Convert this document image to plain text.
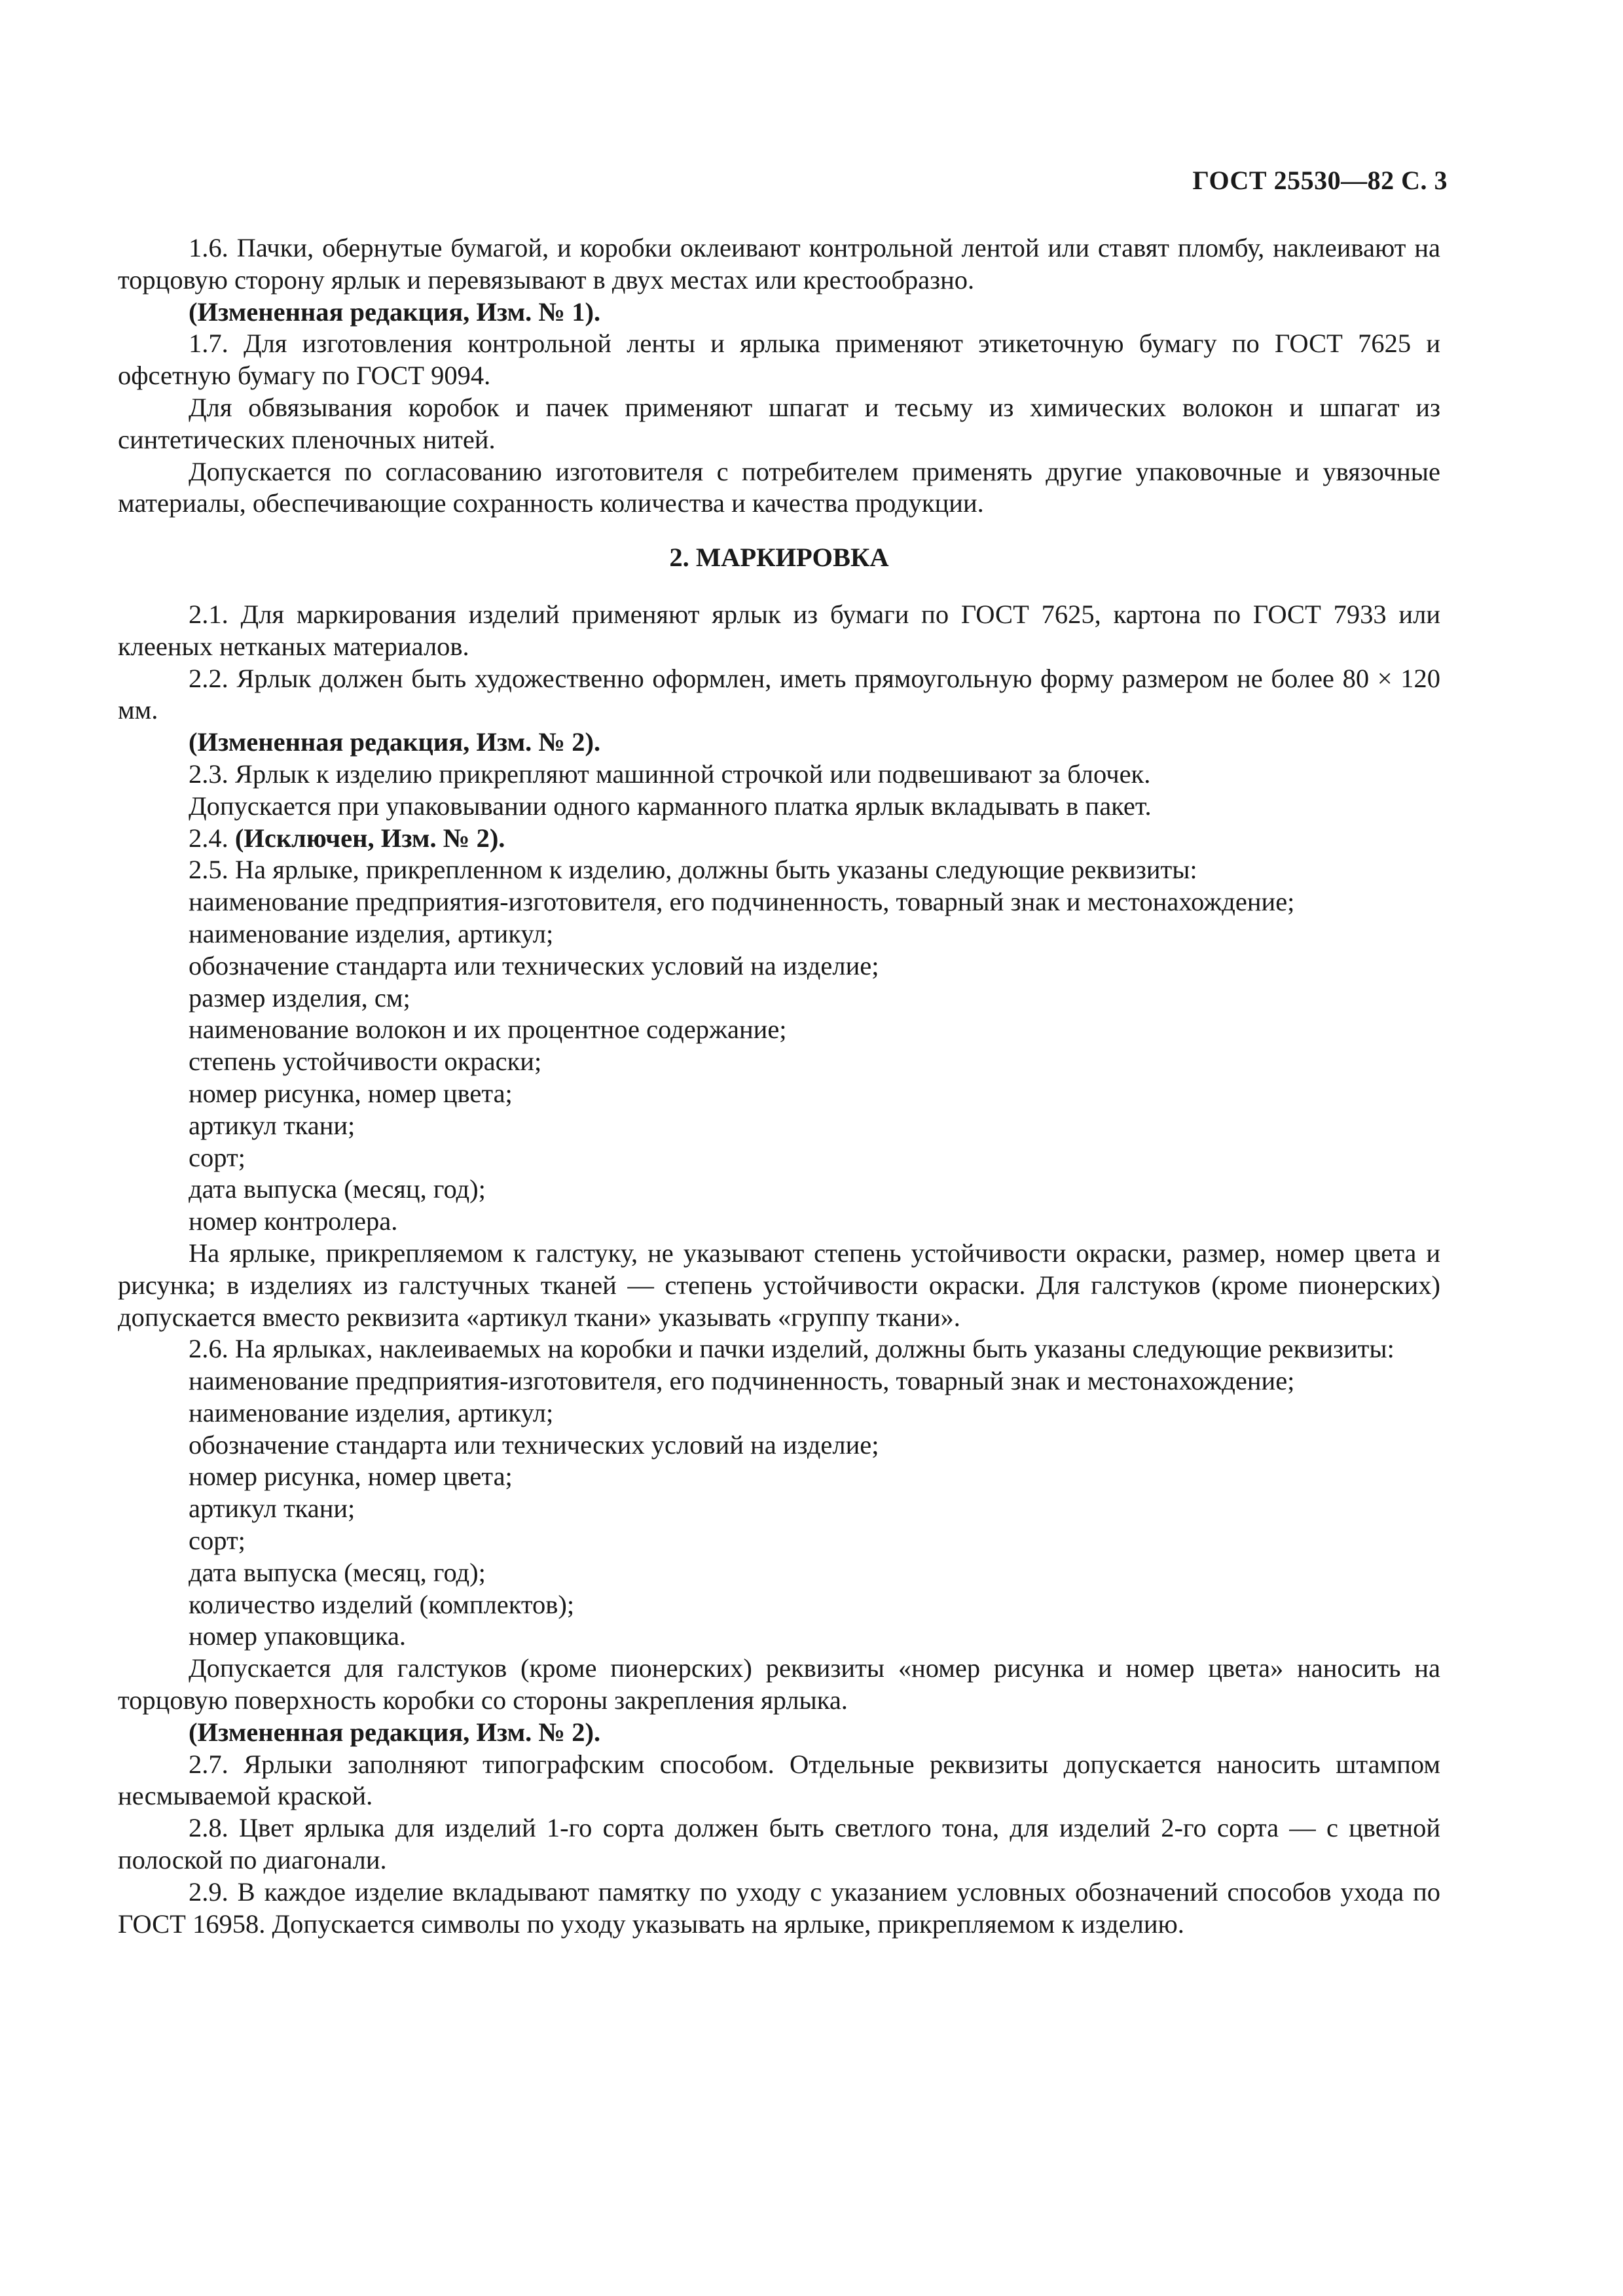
ГОСТ 25530—82 С. 3

1.6. Пачки, обернутые бумагой, и коробки оклеивают контрольной лентой или ставят пломбу, наклеивают на торцовую сторону ярлык и перевязывают в двух местах или крестообразно.

(Измененная редакция, Изм. № 1).

1.7. Для изготовления контрольной ленты и ярлыка применяют этикеточную бумагу по ГОСТ 7625 и офсетную бумагу по ГОСТ 9094.

Для обвязывания коробок и пачек применяют шпагат и тесьму из химических волокон и шпагат из синтетических пленочных нитей.

Допускается по согласованию изготовителя с потребителем применять другие упаковочные и увязочные материалы, обеспечивающие сохранность количества и качества продукции.

2. МАРКИРОВКА

2.1. Для маркирования изделий применяют ярлык из бумаги по ГОСТ 7625, картона по ГОСТ 7933 или клееных нетканых материалов.

2.2. Ярлык должен быть художественно оформлен, иметь прямоугольную форму размером не более 80 × 120 мм.

(Измененная редакция, Изм. № 2).

2.3. Ярлык к изделию прикрепляют машинной строчкой или подвешивают за блочек.

Допускается при упаковывании одного карманного платка ярлык вкладывать в пакет.

2.4. (Исключен, Изм. № 2).

2.5. На ярлыке, прикрепленном к изделию, должны быть указаны следующие реквизиты:

наименование предприятия-изготовителя, его подчиненность, товарный знак и местонахождение;

наименование изделия, артикул;

обозначение стандарта или технических условий на изделие;

размер изделия, см;

наименование волокон и их процентное содержание;

степень устойчивости окраски;

номер рисунка, номер цвета;

артикул ткани;

сорт;

дата выпуска (месяц, год);

номер контролера.

На ярлыке, прикрепляемом к галстуку, не указывают степень устойчивости окраски, размер, номер цвета и рисунка; в изделиях из галстучных тканей — степень устойчивости окраски. Для галстуков (кроме пионерских) допускается вместо реквизита «артикул ткани» указывать «группу ткани».

2.6. На ярлыках, наклеиваемых на коробки и пачки изделий, должны быть указаны следующие реквизиты:

наименование предприятия-изготовителя, его подчиненность, товарный знак и местонахождение;

наименование изделия, артикул;

обозначение стандарта или технических условий на изделие;

номер рисунка, номер цвета;

артикул ткани;

сорт;

дата выпуска (месяц, год);

количество изделий (комплектов);

номер упаковщика.

Допускается для галстуков (кроме пионерских) реквизиты «номер рисунка и номер цвета» наносить на торцовую поверхность коробки со стороны закрепления ярлыка.

(Измененная редакция, Изм. № 2).

2.7. Ярлыки заполняют типографским способом. Отдельные реквизиты допускается наносить штампом несмываемой краской.

2.8. Цвет ярлыка для изделий 1-го сорта должен быть светлого тона, для изделий 2-го сорта — с цветной полоской по диагонали.

2.9. В каждое изделие вкладывают памятку по уходу с указанием условных обозначений способов ухода по ГОСТ 16958. Допускается символы по уходу указывать на ярлыке, прикрепляемом к изделию.
